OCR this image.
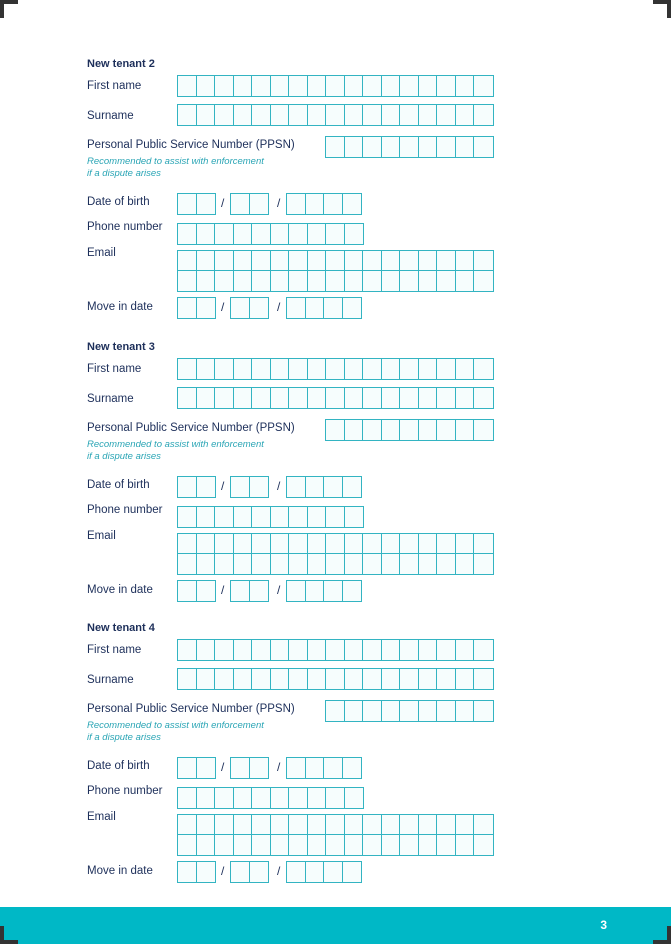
New tenant 2
First name
Surname
Personal Public Service Number (PPSN)
Recommended to assist with enforcement
if a dispute arises
Date of birth	/	/
Phone number
Email
Move in date	/	/
New tenant 3
First name
Surname
Personal Public Service Number (PPSN)
Recommended to assist with enforcement
if a dispute arises
Date of birth	/	/
Phone number
Email
Move in date	/	/
New tenant 4
First name
Surname
Personal Public Service Number (PPSN)
Recommended to assist with enforcement
if a dispute arises
Date of birth	/	/
Phone number
Email
Move in date	/	/
3
